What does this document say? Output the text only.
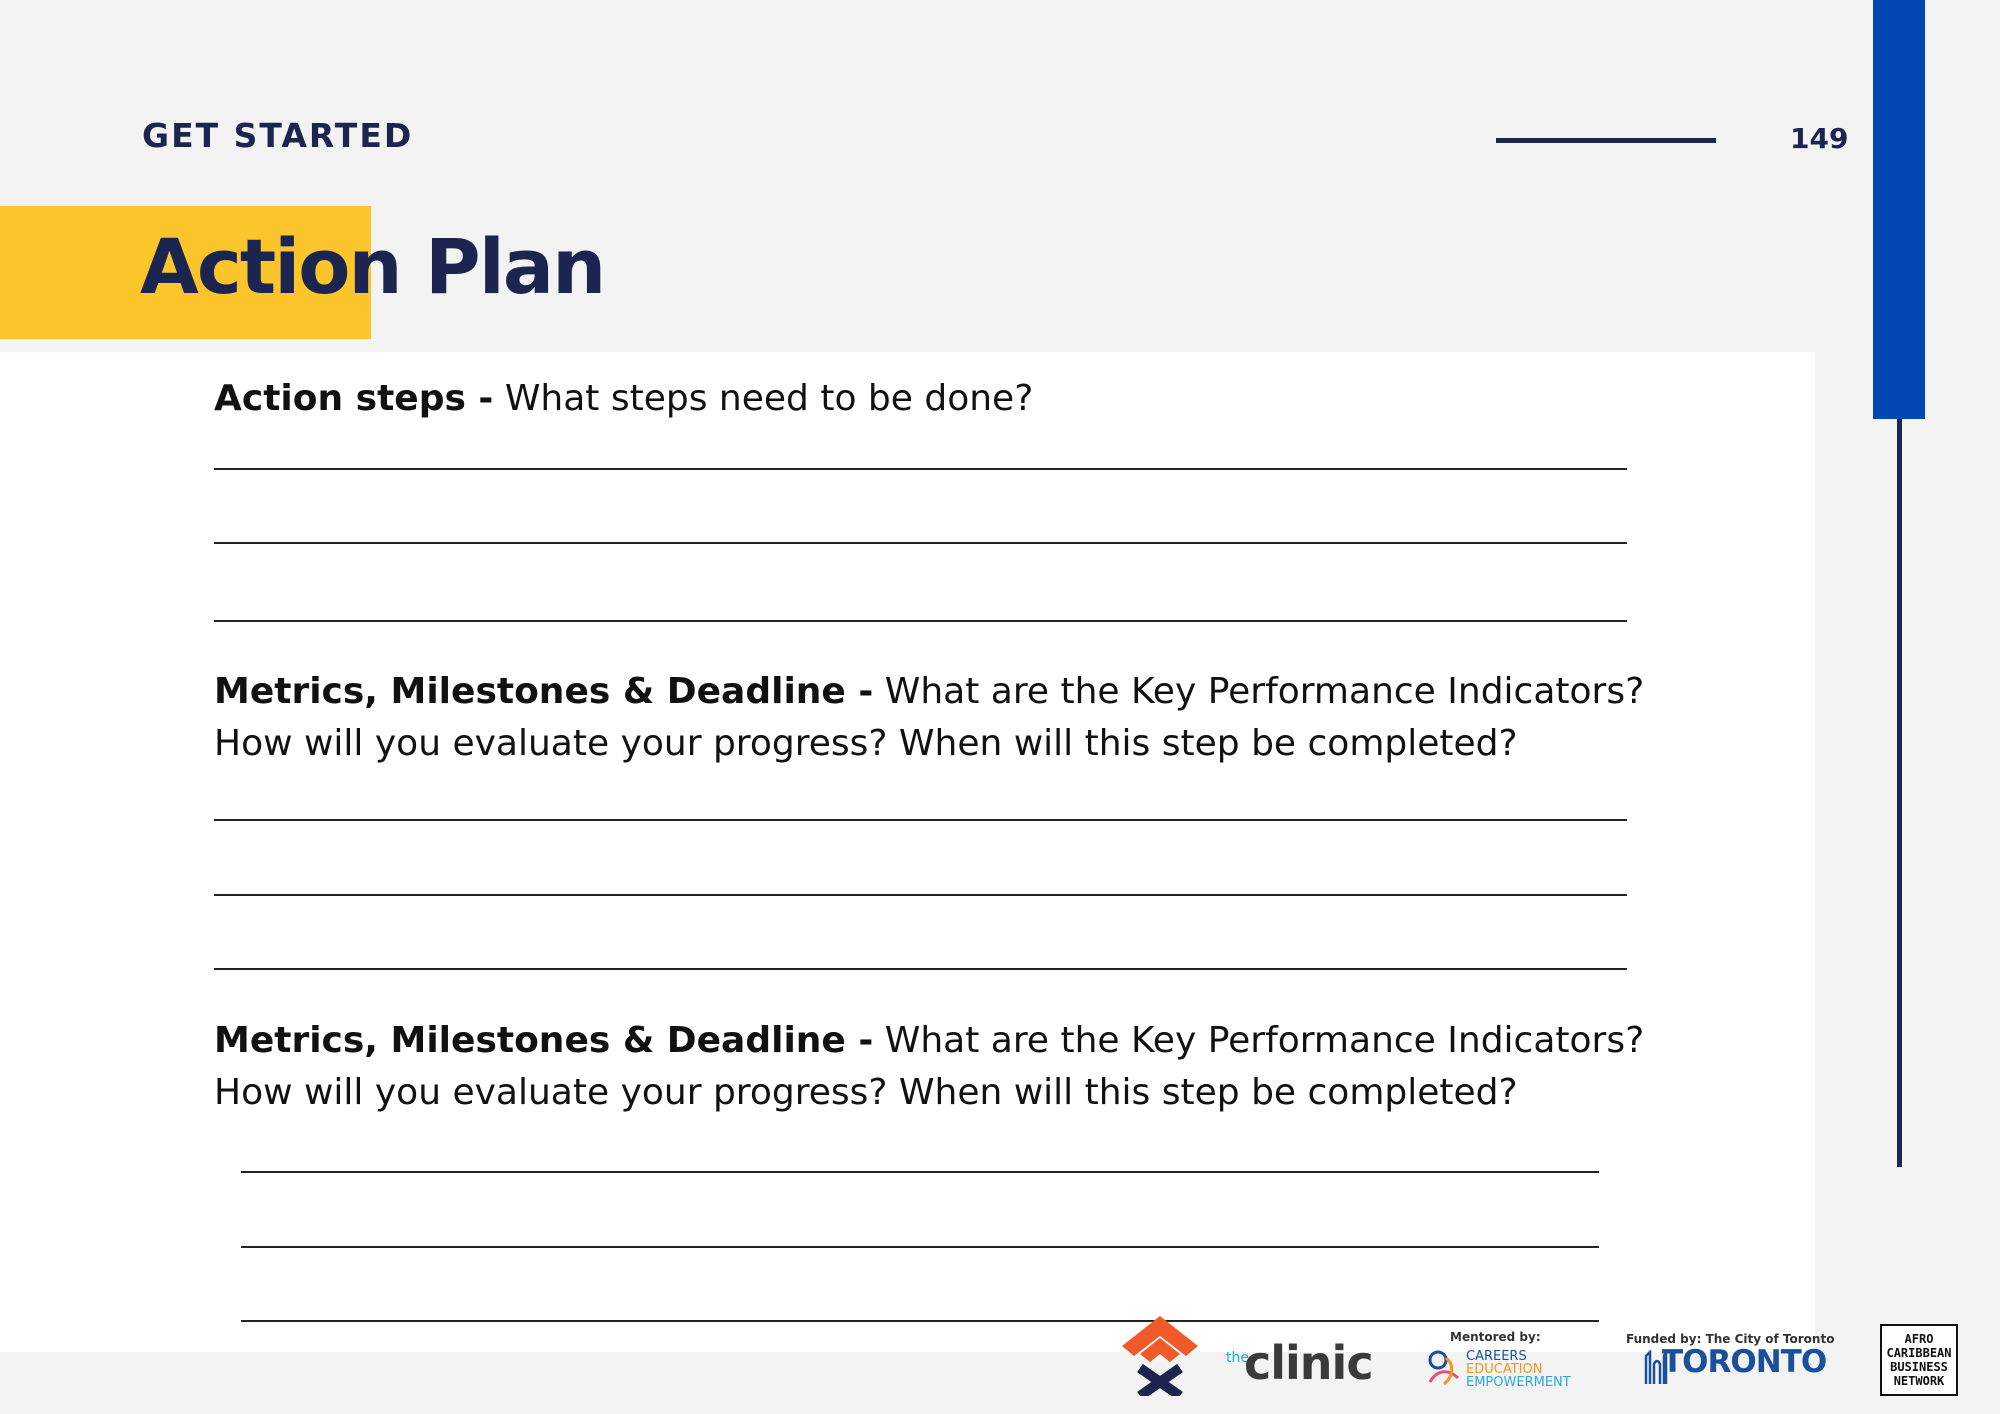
GET STARTED	149
Action Plan

Action steps - What steps need to be done?

Metrics, Milestones & Deadline - What are the Key Performance Indicators? How will you evaluate your progress? When will this step be completed?

Metrics, Milestones & Deadline - What are the Key Performance Indicators? How will you evaluate your progress? When will this step be completed?

the
clinic	Mentored by:
CAREERS
EDUCATION
EMPOWERMENT
Funded by: The City of Toronto
TORONTO
AFRO
CARIBBEAN
BUSINESS
NETWORK
